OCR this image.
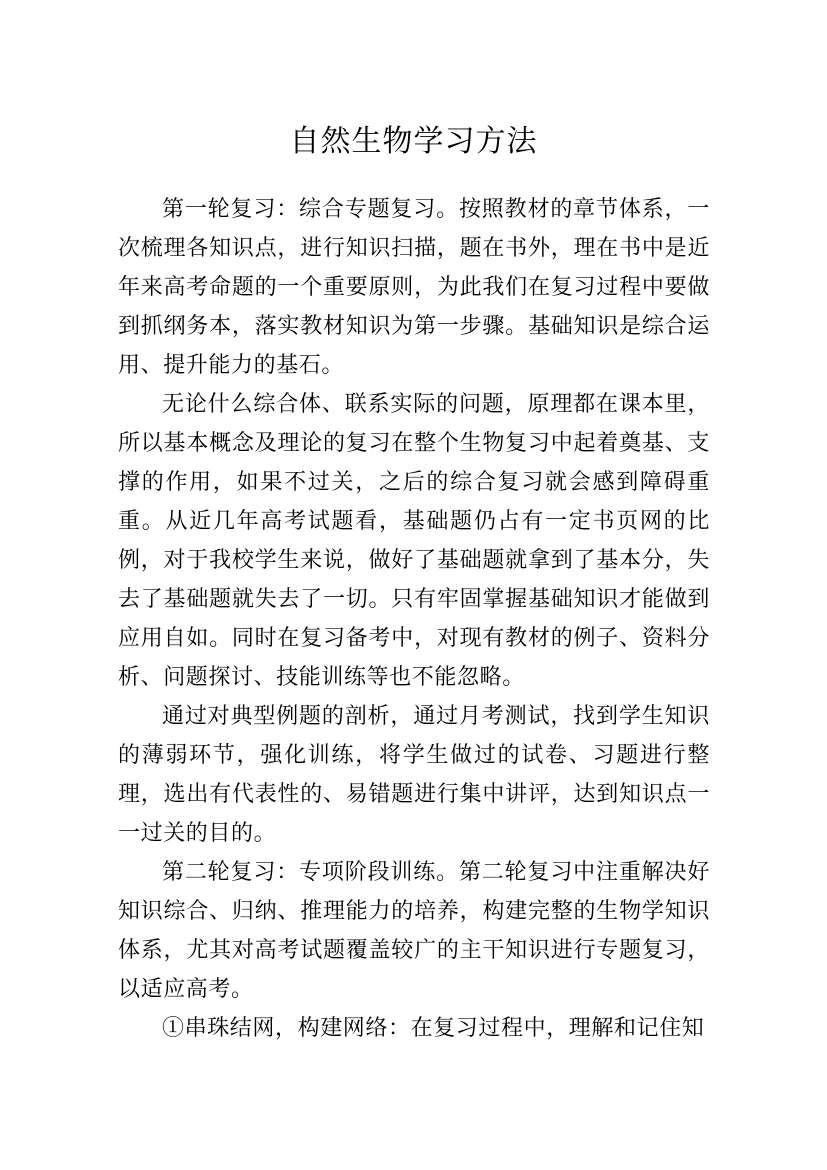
自然生物学习方法

第一轮复习：综合专题复习。按照教材的章节体系，一次梳理各知识点，进行知识扫描，题在书外，理在书中是近年来高考命题的一个重要原则，为此我们在复习过程中要做到抓纲务本，落实教材知识为第一步骤。基础知识是综合运用、提升能力的基石。

无论什么综合体、联系实际的问题，原理都在课本里，所以基本概念及理论的复习在整个生物复习中起着奠基、支撑的作用，如果不过关，之后的综合复习就会感到障碍重重。从近几年高考试题看，基础题仍占有一定书页网的比例，对于我校学生来说，做好了基础题就拿到了基本分，失去了基础题就失去了一切。只有牢固掌握基础知识才能做到应用自如。同时在复习备考中，对现有教材的例子、资料分析、问题探讨、技能训练等也不能忽略。

通过对典型例题的剖析，通过月考测试，找到学生知识的薄弱环节，强化训练，将学生做过的试卷、习题进行整理，选出有代表性的、易错题进行集中讲评，达到知识点一一过关的目的。

第二轮复习：专项阶段训练。第二轮复习中注重解决好知识综合、归纳、推理能力的培养，构建完整的生物学知识体系，尤其对高考试题覆盖较广的主干知识进行专题复习，以适应高考。

①串珠结网，构建网络：在复习过程中，理解和记住知
